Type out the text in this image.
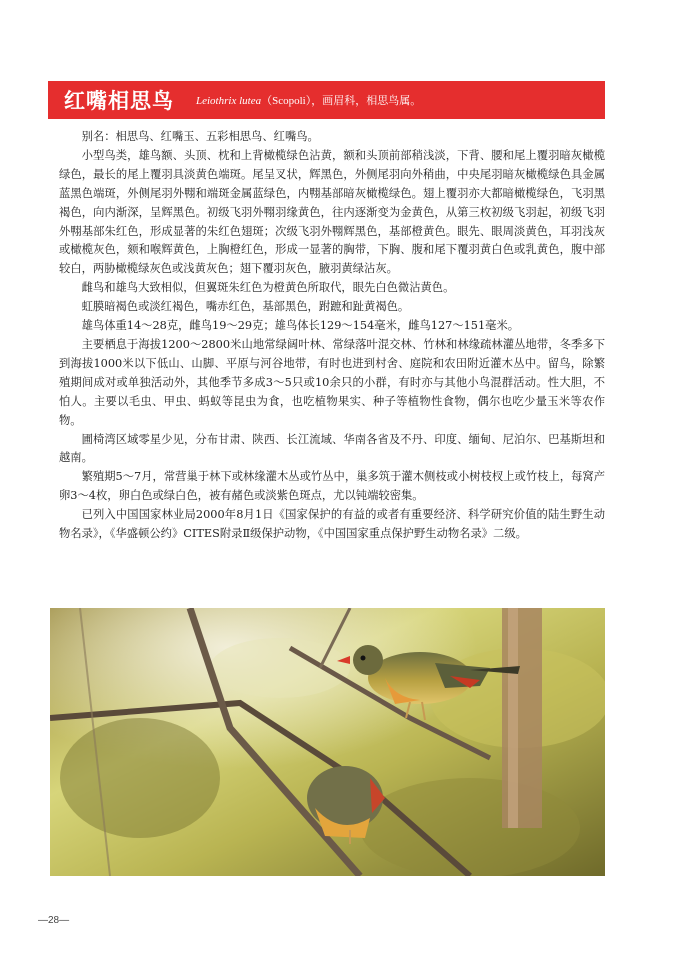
红嘴相思鸟 Leiothrix lutea（Scopoli），画眉科，相思鸟属。

别名：相思鸟、红嘴玉、五彩相思鸟、红嘴鸟。

小型鸟类，雄鸟额、头顶、枕和上背橄榄绿色沾黄，额和头顶前部稍浅淡，下背、腰和尾上覆羽暗灰橄榄绿色，最长的尾上覆羽具淡黄色端斑。尾呈叉状，辉黑色，外侧尾羽向外稍曲，中央尾羽暗灰橄榄绿色具金属蓝黑色端斑，外侧尾羽外翈和端斑金属蓝绿色，内翈基部暗灰橄榄绿色。翅上覆羽亦大都暗橄榄绿色，飞羽黑褐色，向内渐深，呈辉黑色。初级飞羽外翈羽缘黄色，往内逐渐变为金黄色，从第三枚初级飞羽起，初级飞羽外翈基部朱红色，形成显著的朱红色翅斑；次级飞羽外翈辉黑色，基部橙黄色。眼先、眼周淡黄色，耳羽浅灰或橄榄灰色，颏和喉辉黄色，上胸橙红色，形成一显著的胸带，下胸、腹和尾下覆羽黄白色或乳黄色，腹中部较白，两胁橄榄绿灰色或浅黄灰色；翅下覆羽灰色，腋羽黄绿沾灰。

雌鸟和雄鸟大致相似，但翼斑朱红色为橙黄色所取代，眼先白色微沾黄色。

虹膜暗褐色或淡红褐色，嘴赤红色，基部黑色，跗蹠和趾黄褐色。

雄鸟体重14～28克，雌鸟19～29克；雄鸟体长129～154毫米，雌鸟127～151毫米。

主要栖息于海拔1200～2800米山地常绿阔叶林、常绿落叶混交林、竹林和林缘疏林灌丛地带，冬季多下到海拔1000米以下低山、山脚、平原与河谷地带，有时也进到村舍、庭院和农田附近灌木丛中。留鸟，除繁殖期间成对或单独活动外，其他季节多成3～5只或10余只的小群，有时亦与其他小鸟混群活动。性大胆，不怕人。主要以毛虫、甲虫、蚂蚁等昆虫为食，也吃植物果实、种子等植物性食物，偶尔也吃少量玉米等农作物。

圃椅湾区域零星少见，分布甘肃、陕西、长江流域、华南各省及不丹、印度、缅甸、尼泊尔、巴基斯坦和越南。

繁殖期5～7月，常营巢于林下或林缘灌木丛或竹丛中，巢多筑于灌木侧枝或小树枝杈上或竹枝上，每窝产卵3～4枚，卵白色或绿白色，被有赭色或淡紫色斑点，尤以钝端较密集。

已列入中国国家林业局2000年8月1日《国家保护的有益的或者有重要经济、科学研究价值的陆生野生动物名录》，《华盛顿公约》CITES附录Ⅱ级保护动物，《中国国家重点保护野生动物名录》二级。

—28—
